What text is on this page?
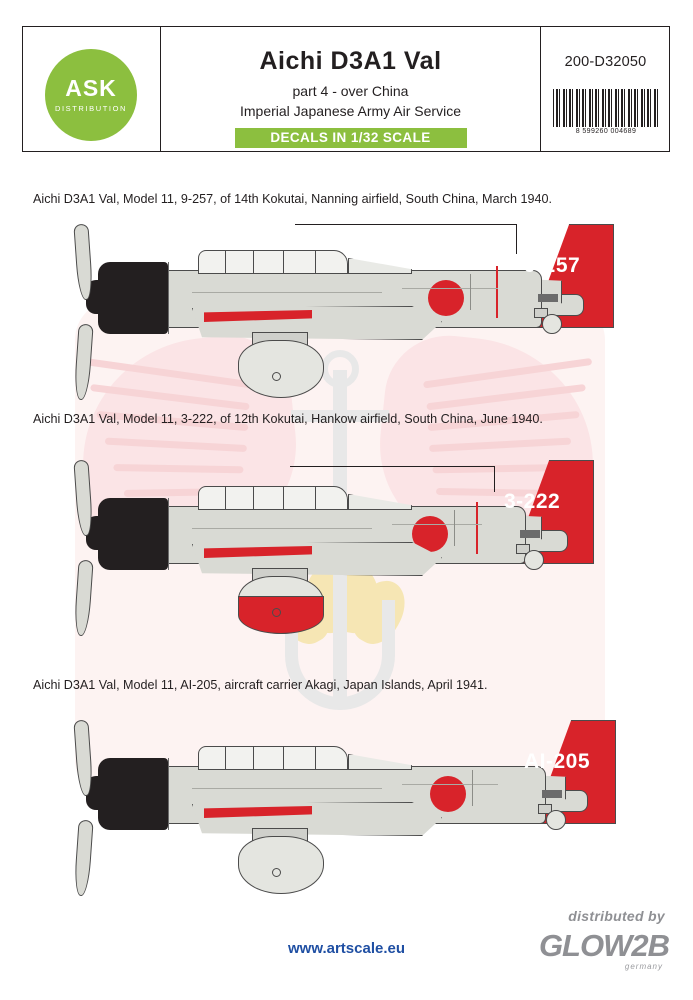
ASK
DISTRIBUTION
Aichi D3A1 Val
part 4 - over China
Imperial Japanese Army Air Service
DECALS IN 1/32 SCALE
200-D32050
8 599260 004689
Aichi D3A1 Val, Model 11, 9-257, of 14th Kokutai, Nanning airfield, South China, March 1940.
9-257
Aichi D3A1 Val, Model 11, 3-222, of 12th Kokutai, Hankow airfield, South China, June 1940.
3-222
Aichi D3A1 Val, Model 11, AI-205, aircraft carrier Akagi, Japan Islands, April 1941.
AI-205
distributed by
GLOW2B
germany
www.artscale.eu
